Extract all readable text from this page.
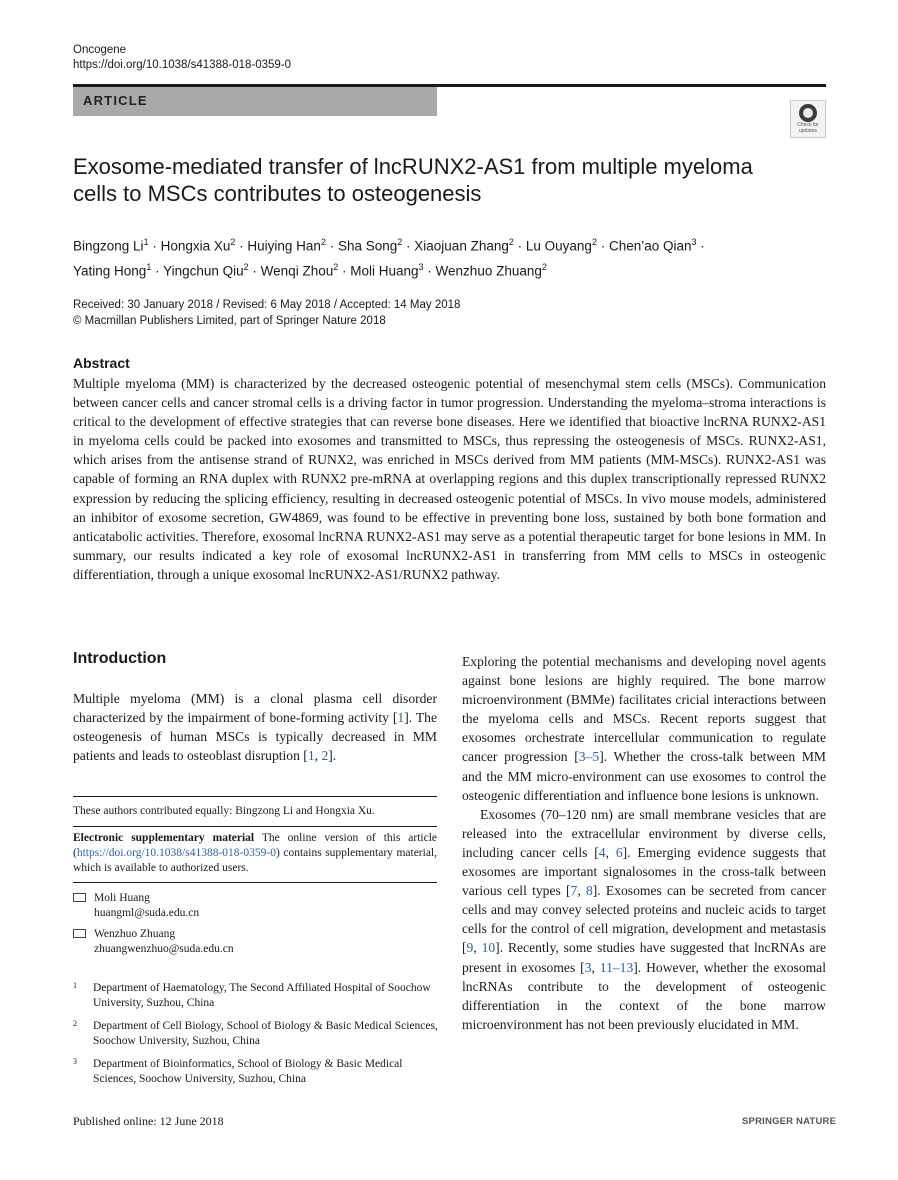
Oncogene
https://doi.org/10.1038/s41388-018-0359-0
ARTICLE
Check for updates
Exosome-mediated transfer of lncRUNX2-AS1 from multiple myeloma cells to MSCs contributes to osteogenesis
Bingzong $Li^1$ · Hongxia $Xu^2$ · Huiying Han$^2$ · Sha Song$^2$ · Xiaojuan Zhang$^2$ · Lu Ouyang$^2$ · Chen’ao Qian$^3$ ·
Yating Hong$^1$ · Yingchun Qiu$^2$ · Wenqi Zhou$^2$ · Moli Huang$^3$ · Wenzhuo Zhuang$^2$
Received: 30 January 2018 / Revised: 6 May 2018 / Accepted: 14 May 2018
© Macmillan Publishers Limited, part of Springer Nature 2018
Abstract
Multiple myeloma (MM) is characterized by the decreased osteogenic potential of mesenchymal stem cells (MSCs). Communication between cancer cells and cancer stromal cells is a driving factor in tumor progression. Understanding the myeloma–stroma interactions is critical to the development of effective strategies that can reverse bone diseases. Here we identified that bioactive lncRNA RUNX2-AS1 in myeloma cells could be packed into exosomes and transmitted to MSCs, thus repressing the osteogenesis of MSCs. RUNX2-AS1, which arises from the antisense strand of RUNX2, was enriched in MSCs derived from MM patients (MM-MSCs). RUNX2-AS1 was capable of forming an RNA duplex with RUNX2 pre-mRNA at overlapping regions and this duplex transcriptionally repressed RUNX2 expression by reducing the splicing efficiency, resulting in decreased osteogenic potential of MSCs. In vivo mouse models, administered an inhibitor of exosome secretion, GW4869, was found to be effective in preventing bone loss, sustained by both bone formation and anticatabolic activities. Therefore, exosomal lncRNA RUNX2-AS1 may serve as a potential therapeutic target for bone lesions in MM. In summary, our results indicated a key role of exosomal lncRUNX2-AS1 in transferring from MM cells to MSCs in osteogenic differentiation, through a unique exosomal lncRUNX2-AS1/RUNX2 pathway.
Introduction

Multiple myeloma (MM) is a clonal plasma cell disorder characterized by the impairment of bone-forming activity [1]. The osteogenesis of human MSCs is typically decreased in MM patients and leads to osteoblast disruption [1, 2].

Exploring the potential mechanisms and developing novel agents against bone lesions are highly required. The bone marrow microenvironment (BMMe) facilitates cricial interactions between the myeloma cells and MSCs. Recent reports suggest that exosomes orchestrate intercellular communication to regulate cancer progression [3–5]. Whether the cross-talk between MM and the MM micro-environment can use exosomes to control the osteogenic differentiation and influence bone lesions is unknown.

Exosomes (70–120 nm) are small membrane vesicles that are released into the extracellular environment by diverse cells, including cancer cells [4, 6]. Emerging evidence suggests that exosomes are important signalosomes in the cross-talk between various cell types [7, 8]. Exosomes can be secreted from cancer cells and may convey selected proteins and nucleic acids to target cells for the control of cell migration, development and metastasis [9, 10]. Recently, some studies have suggested that lncRNAs are present in exosomes [3, 11–13]. However, whether the exosomal lncRNAs contribute to the development of osteogenic differentiation in the context of the bone marrow microenvironment has not been previously elucidated in MM.

These authors contributed equally: Bingzong Li and Hongxia Xu.
Electronic supplementary material The online version of this article (https://doi.org/10.1038/s41388-018-0359-0) contains supplementary material, which is available to authorized users.
Moli Huang
huangml@suda.edu.cn
Wenzhuo Zhuang
zhuangwenzhuo@suda.edu.cn
1 Department of Haematology, The Second Affiliated Hospital of Soochow University, Suzhou, China
2 Department of Cell Biology, School of Biology & Basic Medical Sciences, Soochow University, Suzhou, China
3 Department of Bioinformatics, School of Biology & Basic Medical Sciences, Soochow University, Suzhou, China
Published online: 12 June 2018	SPRINGER NATURE
